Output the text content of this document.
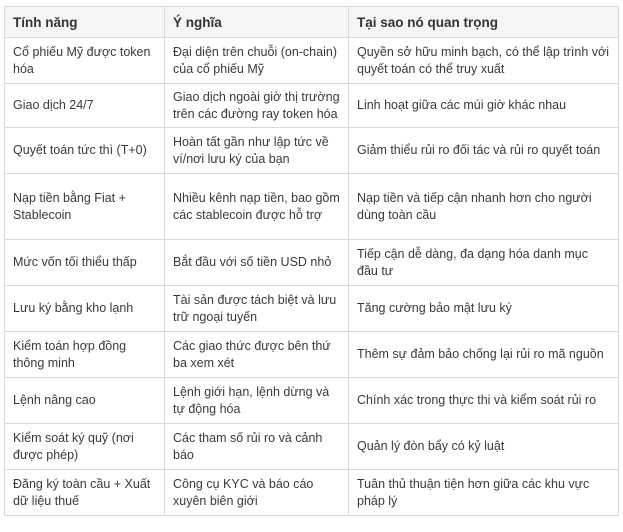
Tính năng	Ý nghĩa	Tại sao nó quan trọng
Cổ phiếu Mỹ được token hóa	Đại diện trên chuỗi (on-chain) của cổ phiếu Mỹ	Quyền sở hữu minh bạch, có thể lập trình với quyết toán có thể truy xuất
Giao dịch 24/7	Giao dịch ngoài giờ thị trường trên các đường ray token hóa	Linh hoạt giữa các múi giờ khác nhau
Quyết toán tức thì (T+0)	Hoàn tất gần như lập tức về ví/nơi lưu ký của bạn	Giảm thiểu rủi ro đối tác và rủi ro quyết toán
Nạp tiền bằng Fiat + Stablecoin	Nhiều kênh nạp tiền, bao gồm các stablecoin được hỗ trợ	Nạp tiền và tiếp cận nhanh hơn cho người dùng toàn cầu
Mức vốn tối thiểu thấp	Bắt đầu với số tiền USD nhỏ	Tiếp cận dễ dàng, đa dạng hóa danh mục đầu tư
Lưu ký bằng kho lạnh	Tài sản được tách biệt và lưu trữ ngoại tuyến	Tăng cường bảo mật lưu ký
Kiểm toán hợp đồng thông minh	Các giao thức được bên thứ ba xem xét	Thêm sự đảm bảo chống lại rủi ro mã nguồn
Lệnh nâng cao	Lệnh giới hạn, lệnh dừng và tự động hóa	Chính xác trong thực thi và kiểm soát rủi ro
Kiểm soát ký quỹ (nơi được phép)	Các tham số rủi ro và cảnh báo	Quản lý đòn bẩy có kỷ luật
Đăng ký toàn cầu + Xuất dữ liệu thuế	Công cụ KYC và báo cáo xuyên biên giới	Tuân thủ thuận tiện hơn giữa các khu vực pháp lý
